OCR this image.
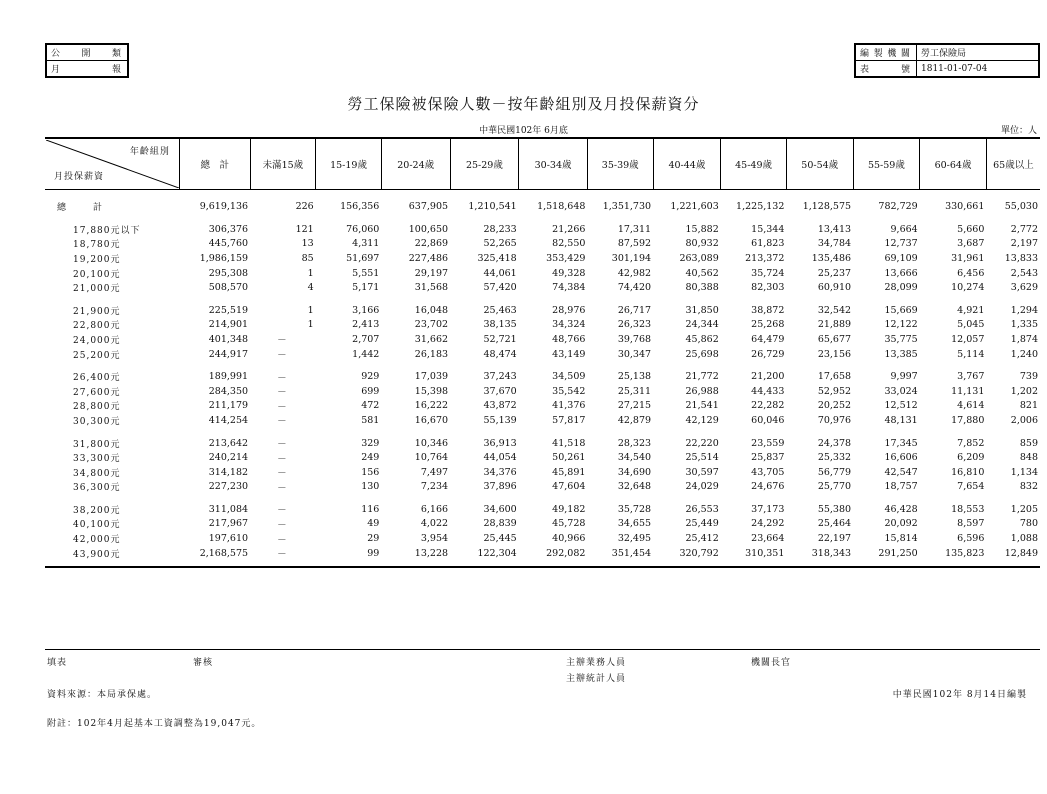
公開類
月報
編製機關	勞工保險局
表號	1811-01-07-04
勞工保險被保險人數－按年齡組別及月投保薪資分
中華民國102年 6月底	單位：人
年齡組別
月投保薪資	總　計	未滿15歲	15-19歲	20-24歲	25-29歲	30-34歲	35-39歲	40-44歲	45-49歲	50-54歲	55-59歲	60-64歲	65歲以上
總　　　計	9,619,136	226	156,356	637,905	1,210,541	1,518,648	1,351,730	1,221,603	1,225,132	1,128,575	782,729	330,661	55,030
17,880元以下	306,376	121	76,060	100,650	28,233	21,266	17,311	15,882	15,344	13,413	9,664	5,660	2,772
18,780元	445,760	13	4,311	22,869	52,265	82,550	87,592	80,932	61,823	34,784	12,737	3,687	2,197
19,200元	1,986,159	85	51,697	227,486	325,418	353,429	301,194	263,089	213,372	135,486	69,109	31,961	13,833
20,100元	295,308	1	5,551	29,197	44,061	49,328	42,982	40,562	35,724	25,237	13,666	6,456	2,543
21,000元	508,570	4	5,171	31,568	57,420	74,384	74,420	80,388	82,303	60,910	28,099	10,274	3,629

21,900元	225,519	1	3,166	16,048	25,463	28,976	26,717	31,850	38,872	32,542	15,669	4,921	1,294
22,800元	214,901	1	2,413	23,702	38,135	34,324	26,323	24,344	25,268	21,889	12,122	5,045	1,335
24,000元	401,348	－	2,707	31,662	52,721	48,766	39,768	45,862	64,479	65,677	35,775	12,057	1,874
25,200元	244,917	－	1,442	26,183	48,474	43,149	30,347	25,698	26,729	23,156	13,385	5,114	1,240

26,400元	189,991	－	929	17,039	37,243	34,509	25,138	21,772	21,200	17,658	9,997	3,767	739
27,600元	284,350	－	699	15,398	37,670	35,542	25,311	26,988	44,433	52,952	33,024	11,131	1,202
28,800元	211,179	－	472	16,222	43,872	41,376	27,215	21,541	22,282	20,252	12,512	4,614	821
30,300元	414,254	－	581	16,670	55,139	57,817	42,879	42,129	60,046	70,976	48,131	17,880	2,006

31,800元	213,642	－	329	10,346	36,913	41,518	28,323	22,220	23,559	24,378	17,345	7,852	859
33,300元	240,214	－	249	10,764	44,054	50,261	34,540	25,514	25,837	25,332	16,606	6,209	848
34,800元	314,182	－	156	7,497	34,376	45,891	34,690	30,597	43,705	56,779	42,547	16,810	1,134
36,300元	227,230	－	130	7,234	37,896	47,604	32,648	24,029	24,676	25,770	18,757	7,654	832

38,200元	311,084	－	116	6,166	34,600	49,182	35,728	26,553	37,173	55,380	46,428	18,553	1,205
40,100元	217,967	－	49	4,022	28,839	45,728	34,655	25,449	24,292	25,464	20,092	8,597	780
42,000元	197,610	－	29	3,954	25,445	40,966	32,495	25,412	23,664	22,197	15,814	6,596	1,088
43,900元	2,168,575	－	99	13,228	122,304	292,082	351,454	320,792	310,351	318,343	291,250	135,823	12,849
填表	審核	主辦業務人員
主辦統計人員
機關長官
資料來源：本局承保處。	中華民國102年 8月14日編製
附註：102年4月起基本工資調整為19,047元。
